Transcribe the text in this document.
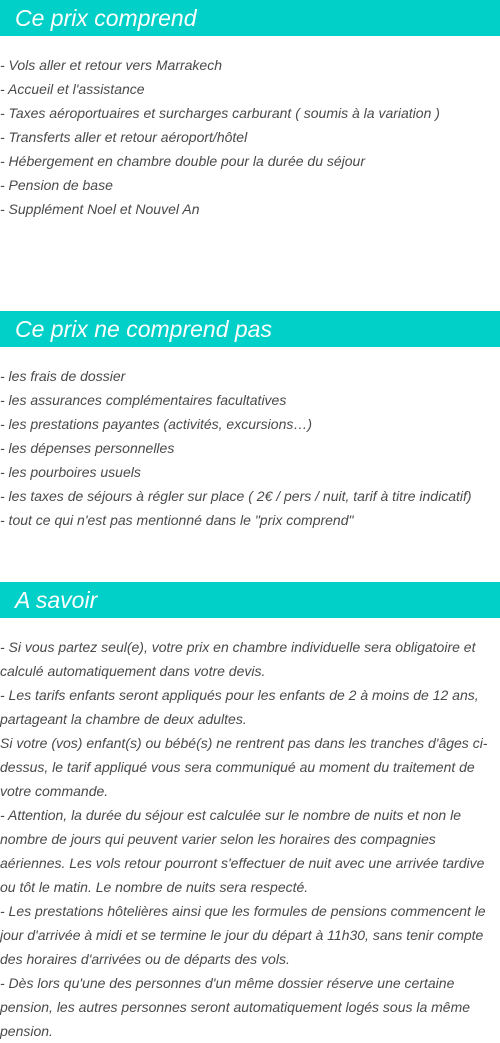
Ce prix comprend
- Vols aller et retour vers Marrakech
- Accueil et l'assistance
- Taxes aéroportuaires et surcharges carburant ( soumis à la variation )
- Transferts aller et retour aéroport/hôtel
- Hébergement en chambre double pour la durée du séjour
- Pension de base
- Supplément Noel et Nouvel An
Ce prix ne comprend pas
- les frais de dossier
- les assurances complémentaires facultatives
- les prestations payantes (activités, excursions…)
- les dépenses personnelles
- les pourboires usuels
- les taxes de séjours à régler sur place ( 2€ / pers / nuit, tarif à titre indicatif)
- tout ce qui n'est pas mentionné dans le "prix comprend"
A savoir
- Si vous partez seul(e), votre prix en chambre individuelle sera obligatoire et calculé automatiquement dans votre devis.
- Les tarifs enfants seront appliqués pour les enfants de 2 à moins de 12 ans, partageant la chambre de deux adultes.
Si votre (vos) enfant(s) ou bébé(s) ne rentrent pas dans les tranches d'âges ci-dessus, le tarif appliqué vous sera communiqué au moment du traitement de votre commande.
- Attention, la durée du séjour est calculée sur le nombre de nuits et non le nombre de jours qui peuvent varier selon les horaires des compagnies aériennes. Les vols retour pourront s'effectuer de nuit avec une arrivée tardive ou tôt le matin. Le nombre de nuits sera respecté.
- Les prestations hôtelières ainsi que les formules de pensions commencent le jour d'arrivée à midi et se termine le jour du départ à 11h30, sans tenir compte des horaires d'arrivées ou de départs des vols.
- Dès lors qu'une des personnes d'un même dossier réserve une certaine pension, les autres personnes seront automatiquement logés sous la même pension.
